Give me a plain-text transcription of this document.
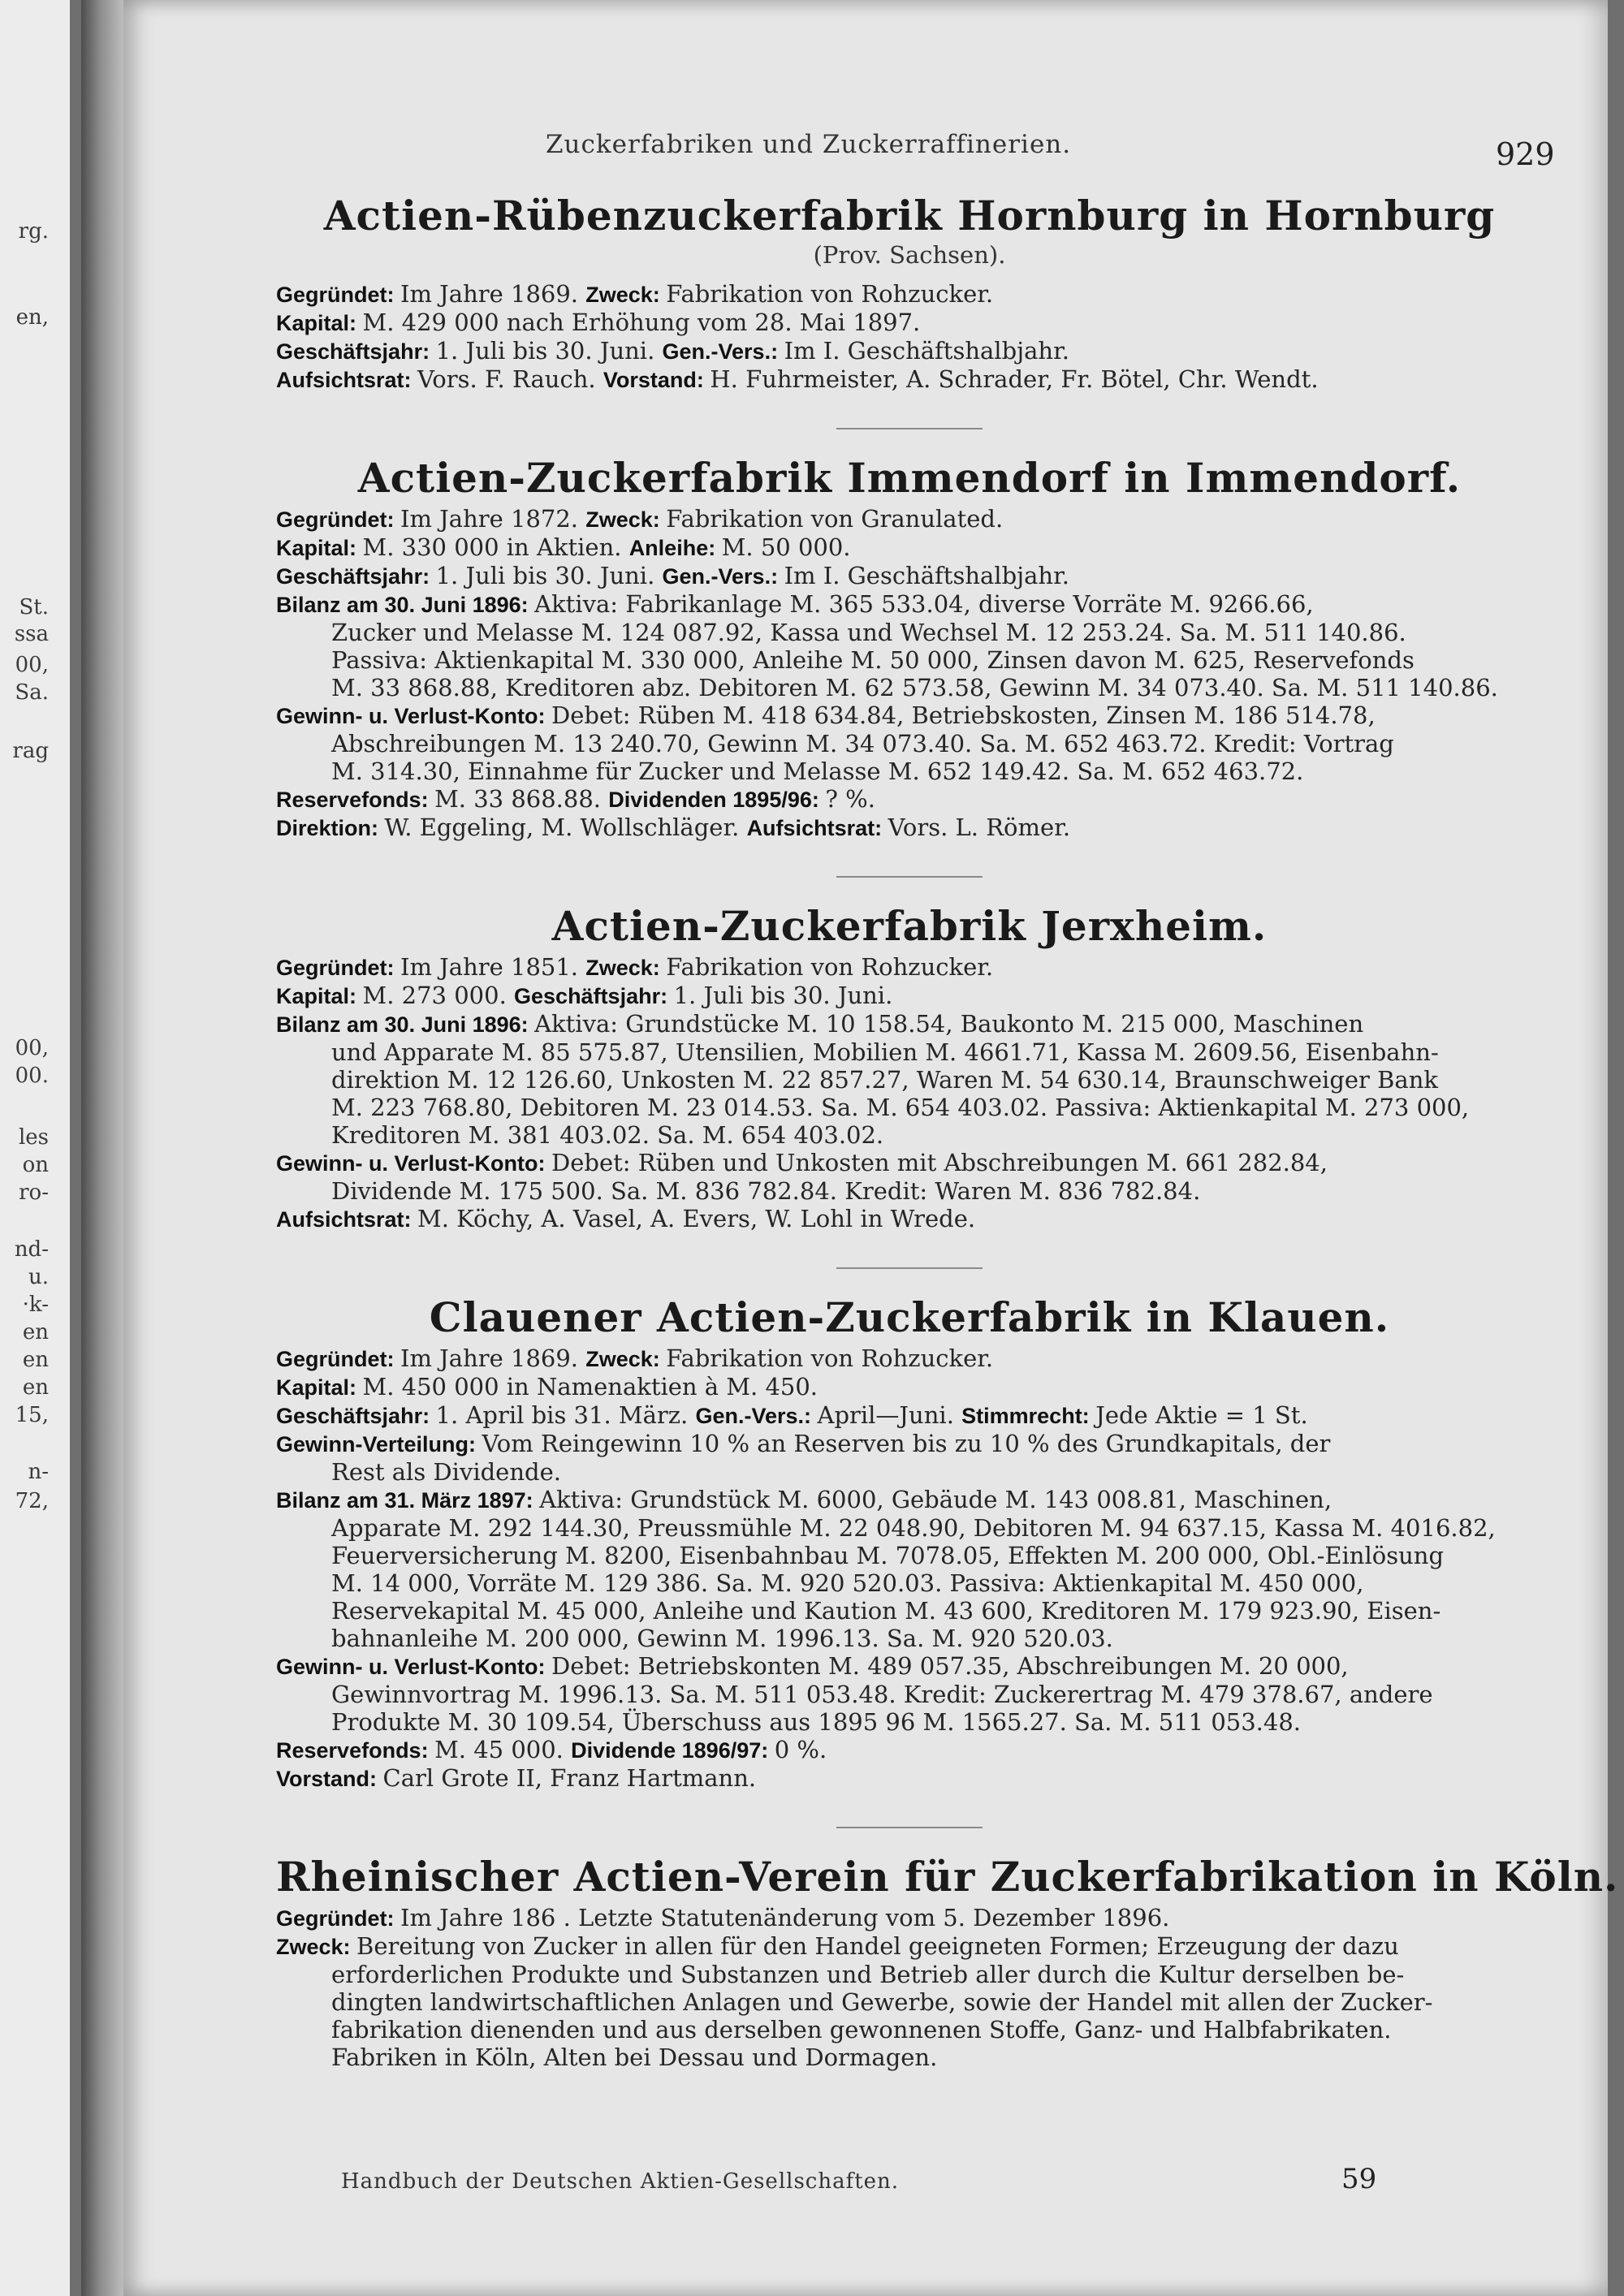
rg.
en,
St.
ssa
00,
Sa.
rag
00,
00.
les
on
ro-
nd-
u.
·k-
en
en
en
15,
n-
72,
Zuckerfabriken und Zuckerraffinerien.	929
Actien-Rübenzuckerfabrik Hornburg in Hornburg
(Prov. Sachsen).

Gegründet: Im Jahre 1869. Zweck: Fabrikation von Rohzucker.

Kapital: M. 429 000 nach Erhöhung vom 28. Mai 1897.

Geschäftsjahr: 1. Juli bis 30. Juni. Gen.-Vers.: Im I. Geschäftshalbjahr.

Aufsichtsrat: Vors. F. Rauch. Vorstand: H. Fuhrmeister, A. Schrader, Fr. Bötel, Chr. Wendt.

Actien-Zuckerfabrik Immendorf in Immendorf.

Gegründet: Im Jahre 1872. Zweck: Fabrikation von Granulated.

Kapital: M. 330 000 in Aktien. Anleihe: M. 50 000.

Geschäftsjahr: 1. Juli bis 30. Juni. Gen.-Vers.: Im I. Geschäftshalbjahr.

Bilanz am 30. Juni 1896: Aktiva: Fabrikanlage M. 365 533.04, diverse Vorräte M. 9266.66,

Zucker und Melasse M. 124 087.92, Kassa und Wechsel M. 12 253.24. Sa. M. 511 140.86.

Passiva: Aktienkapital M. 330 000, Anleihe M. 50 000, Zinsen davon M. 625, Reservefonds

M. 33 868.88, Kreditoren abz. Debitoren M. 62 573.58, Gewinn M. 34 073.40. Sa. M. 511 140.86.

Gewinn- u. Verlust-Konto: Debet: Rüben M. 418 634.84, Betriebskosten, Zinsen M. 186 514.78,

Abschreibungen M. 13 240.70, Gewinn M. 34 073.40. Sa. M. 652 463.72. Kredit: Vortrag

M. 314.30, Einnahme für Zucker und Melasse M. 652 149.42. Sa. M. 652 463.72.

Reservefonds: M. 33 868.88. Dividenden 1895/96: ? %.

Direktion: W. Eggeling, M. Wollschläger. Aufsichtsrat: Vors. L. Römer.

Actien-Zuckerfabrik Jerxheim.

Gegründet: Im Jahre 1851. Zweck: Fabrikation von Rohzucker.

Kapital: M. 273 000. Geschäftsjahr: 1. Juli bis 30. Juni.

Bilanz am 30. Juni 1896: Aktiva: Grundstücke M. 10 158.54, Baukonto M. 215 000, Maschinen

und Apparate M. 85 575.87, Utensilien, Mobilien M. 4661.71, Kassa M. 2609.56, Eisenbahn-

direktion M. 12 126.60, Unkosten M. 22 857.27, Waren M. 54 630.14, Braunschweiger Bank

M. 223 768.80, Debitoren M. 23 014.53. Sa. M. 654 403.02. Passiva: Aktienkapital M. 273 000,

Kreditoren M. 381 403.02. Sa. M. 654 403.02.

Gewinn- u. Verlust-Konto: Debet: Rüben und Unkosten mit Abschreibungen M. 661 282.84,

Dividende M. 175 500. Sa. M. 836 782.84. Kredit: Waren M. 836 782.84.

Aufsichtsrat: M. Köchy, A. Vasel, A. Evers, W. Lohl in Wrede.

Clauener Actien-Zuckerfabrik in Klauen.

Gegründet: Im Jahre 1869. Zweck: Fabrikation von Rohzucker.

Kapital: M. 450 000 in Namenaktien à M. 450.

Geschäftsjahr: 1. April bis 31. März. Gen.-Vers.: April—Juni. Stimmrecht: Jede Aktie = 1 St.

Gewinn-Verteilung: Vom Reingewinn 10 % an Reserven bis zu 10 % des Grundkapitals, der

Rest als Dividende.

Bilanz am 31. März 1897: Aktiva: Grundstück M. 6000, Gebäude M. 143 008.81, Maschinen,

Apparate M. 292 144.30, Preussmühle M. 22 048.90, Debitoren M. 94 637.15, Kassa M. 4016.82,

Feuerversicherung M. 8200, Eisenbahnbau M. 7078.05, Effekten M. 200 000, Obl.-Einlösung

M. 14 000, Vorräte M. 129 386. Sa. M. 920 520.03. Passiva: Aktienkapital M. 450 000,

Reservekapital M. 45 000, Anleihe und Kaution M. 43 600, Kreditoren M. 179 923.90, Eisen-

bahnanleihe M. 200 000, Gewinn M. 1996.13. Sa. M. 920 520.03.

Gewinn- u. Verlust-Konto: Debet: Betriebskonten M. 489 057.35, Abschreibungen M. 20 000,

Gewinnvortrag M. 1996.13. Sa. M. 511 053.48. Kredit: Zuckerertrag M. 479 378.67, andere

Produkte M. 30 109.54, Überschuss aus 1895 96 M. 1565.27. Sa. M. 511 053.48.

Reservefonds: M. 45 000. Dividende 1896/97: 0 %.

Vorstand: Carl Grote II, Franz Hartmann.

Rheinischer Actien-Verein für Zuckerfabrikation in Köln.

Gegründet: Im Jahre 186 . Letzte Statutenänderung vom 5. Dezember 1896.

Zweck: Bereitung von Zucker in allen für den Handel geeigneten Formen; Erzeugung der dazu

erforderlichen Produkte und Substanzen und Betrieb aller durch die Kultur derselben be-

dingten landwirtschaftlichen Anlagen und Gewerbe, sowie der Handel mit allen der Zucker-

fabrikation dienenden und aus derselben gewonnenen Stoffe, Ganz- und Halbfabrikaten.

Fabriken in Köln, Alten bei Dessau und Dormagen.

Handbuch der Deutschen Aktien-Gesellschaften.	59
